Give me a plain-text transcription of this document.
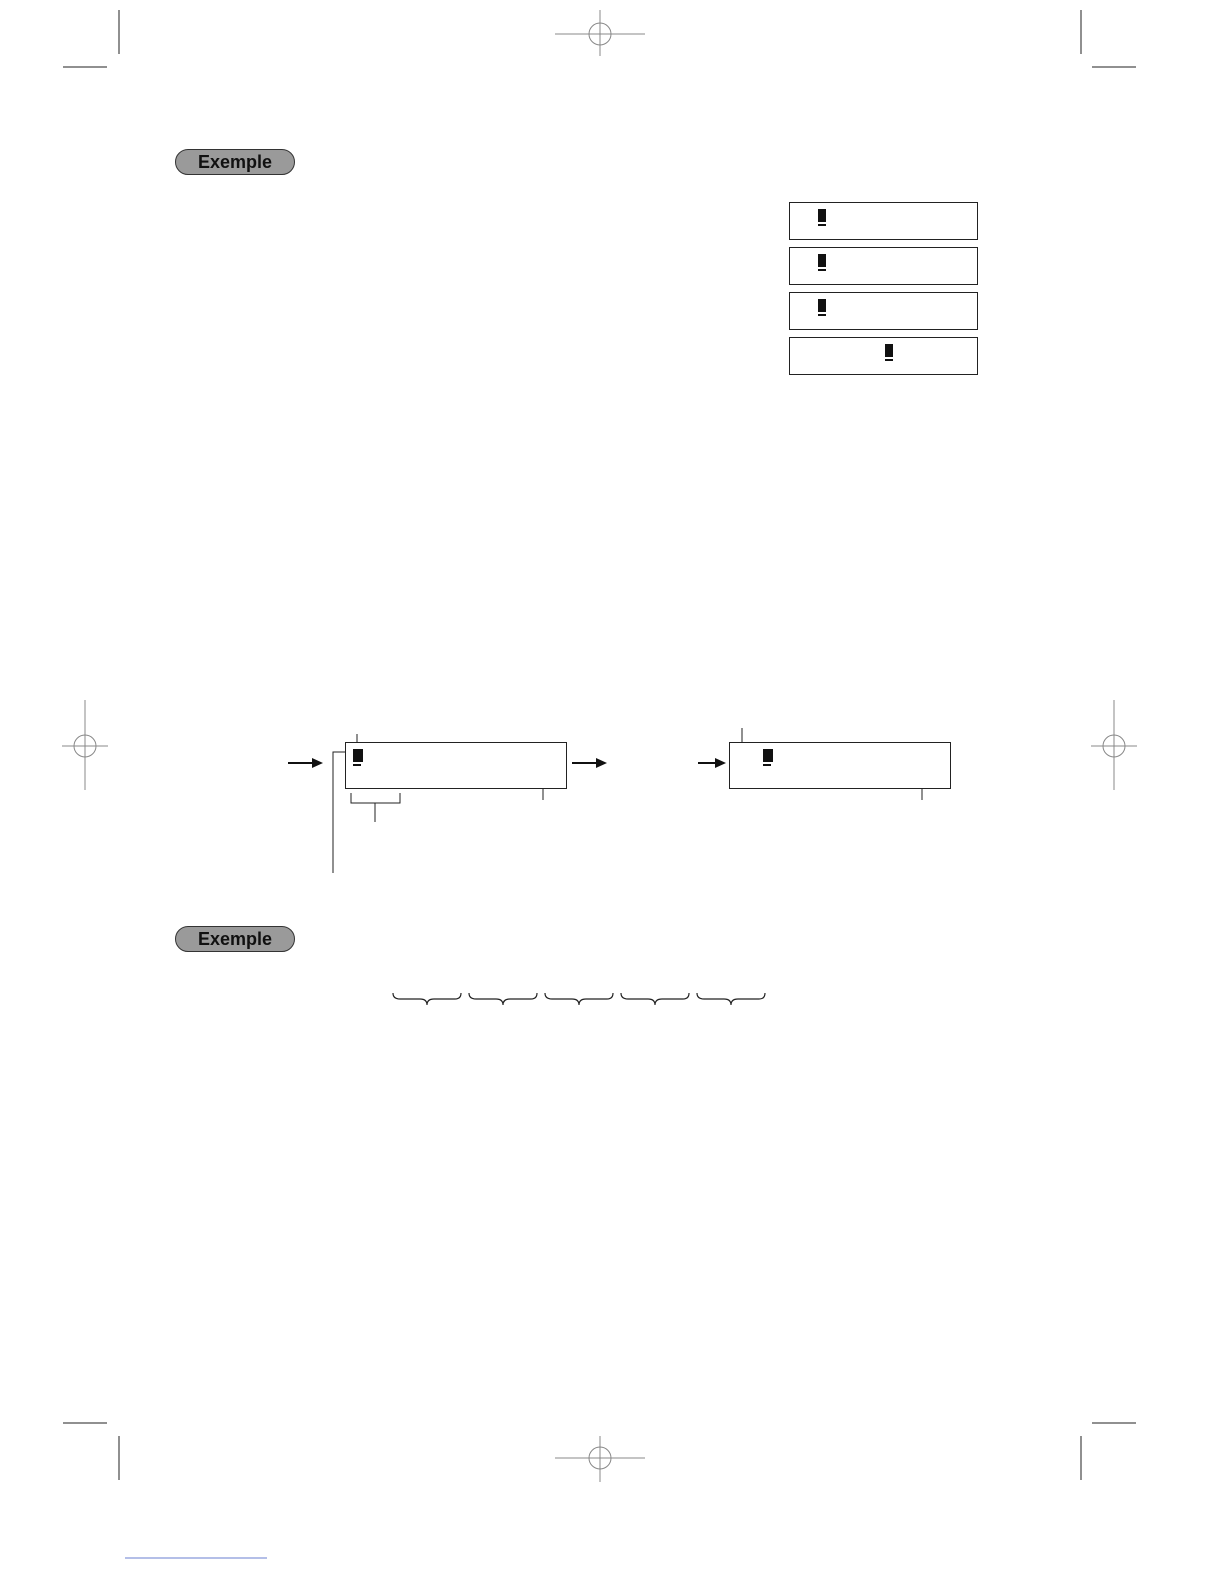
Exemple
Exemple
